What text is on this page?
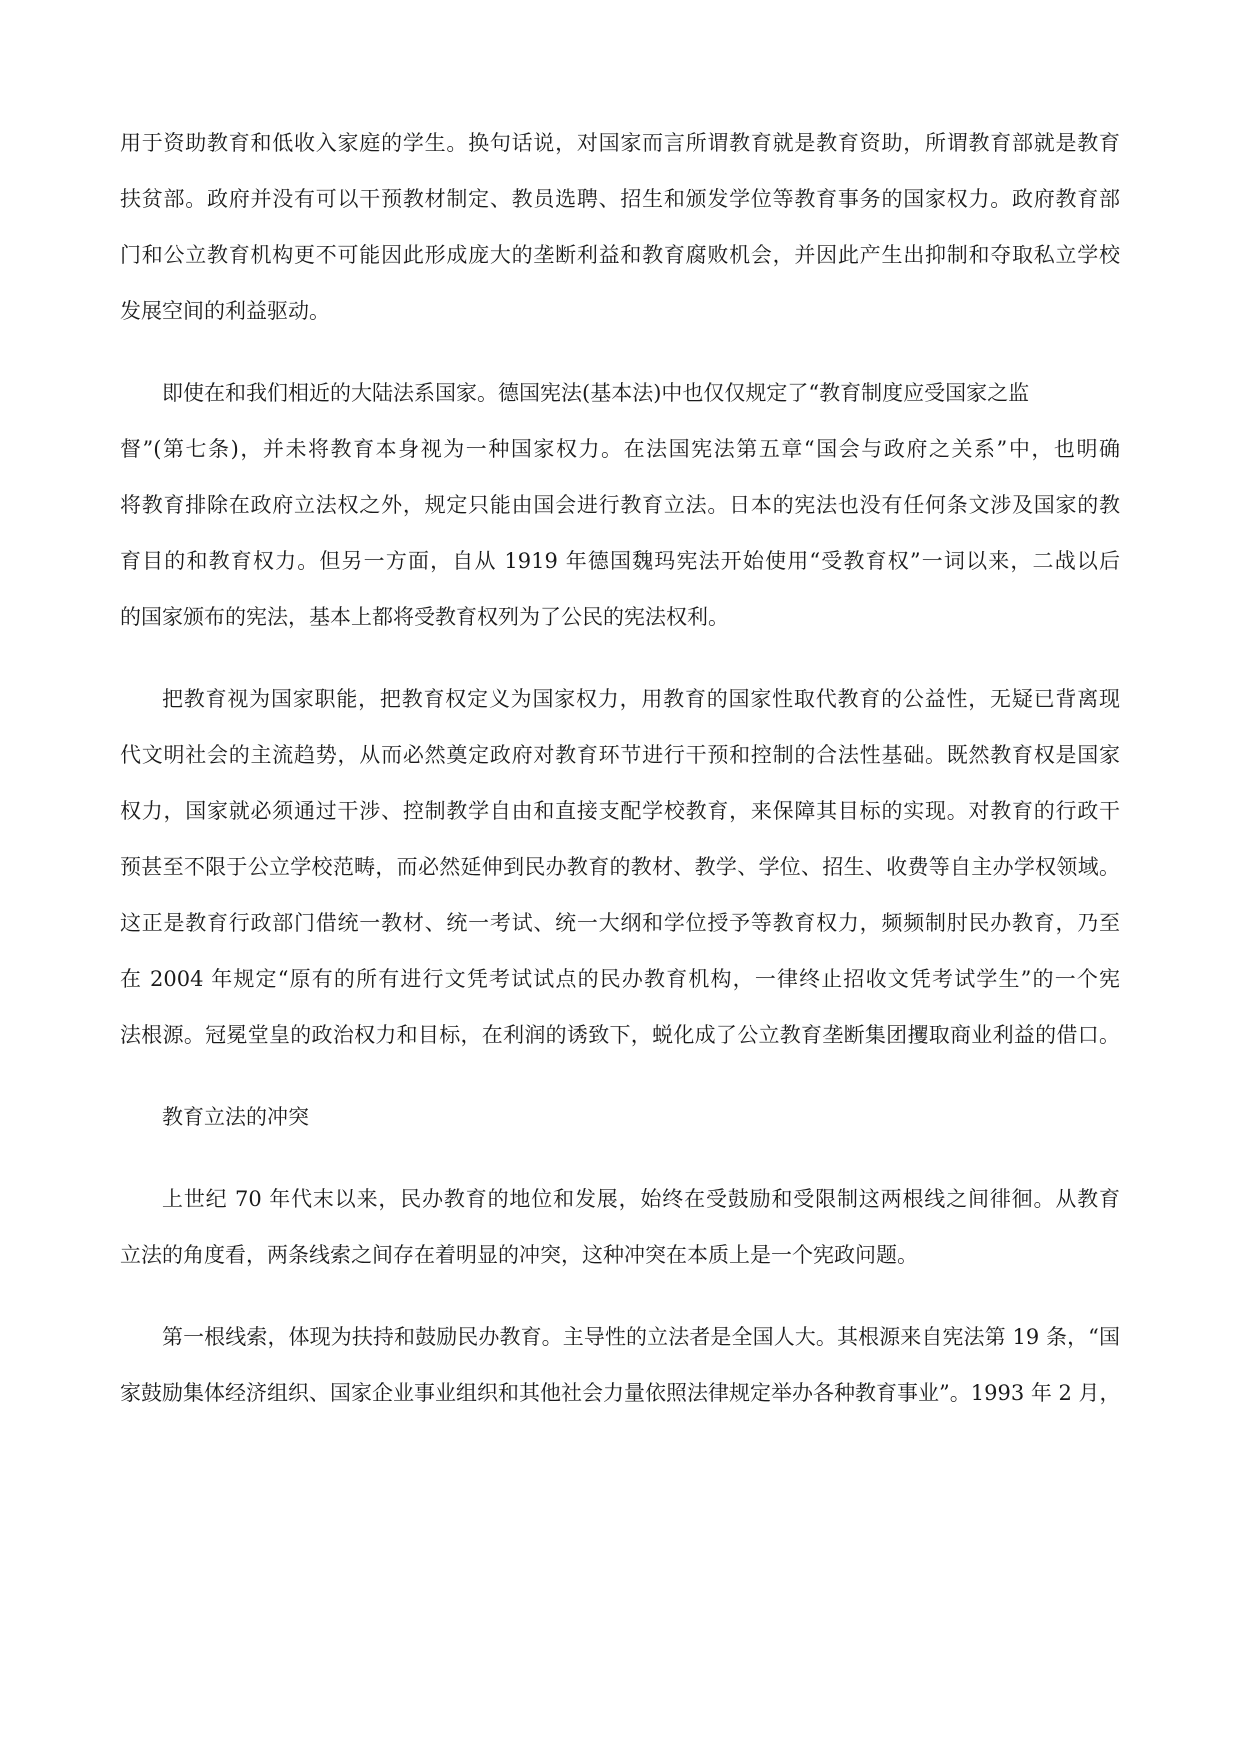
用于资助教育和低收入家庭的学生。换句话说，对国家而言所谓教育就是教育资助，所谓教育部就是教育

扶贫部。政府并没有可以干预教材制定、教员选聘、招生和颁发学位等教育事务的国家权力。政府教育部

门和公立教育机构更不可能因此形成庞大的垄断利益和教育腐败机会，并因此产生出抑制和夺取私立学校

发展空间的利益驱动。

即使在和我们相近的大陆法系国家。德国宪法(基本法)中也仅仅规定了“教育制度应受国家之监

督”(第七条)，并未将教育本身视为一种国家权力。在法国宪法第五章“国会与政府之关系”中，也明确

将教育排除在政府立法权之外，规定只能由国会进行教育立法。日本的宪法也没有任何条文涉及国家的教

育目的和教育权力。但另一方面，自从 1919 年德国魏玛宪法开始使用“受教育权”一词以来，二战以后

的国家颁布的宪法，基本上都将受教育权列为了公民的宪法权利。

把教育视为国家职能，把教育权定义为国家权力，用教育的国家性取代教育的公益性，无疑已背离现

代文明社会的主流趋势，从而必然奠定政府对教育环节进行干预和控制的合法性基础。既然教育权是国家

权力，国家就必须通过干涉、控制教学自由和直接支配学校教育，来保障其目标的实现。对教育的行政干

预甚至不限于公立学校范畴，而必然延伸到民办教育的教材、教学、学位、招生、收费等自主办学权领域。

这正是教育行政部门借统一教材、统一考试、统一大纲和学位授予等教育权力，频频制肘民办教育，乃至

在 2004 年规定“原有的所有进行文凭考试试点的民办教育机构，一律终止招收文凭考试学生”的一个宪

法根源。冠冕堂皇的政治权力和目标，在利润的诱致下，蜕化成了公立教育垄断集团攫取商业利益的借口。

教育立法的冲突

上世纪 70 年代末以来，民办教育的地位和发展，始终在受鼓励和受限制这两根线之间徘徊。从教育

立法的角度看，两条线索之间存在着明显的冲突，这种冲突在本质上是一个宪政问题。

第一根线索，体现为扶持和鼓励民办教育。主导性的立法者是全国人大。其根源来自宪法第 19 条，“国

家鼓励集体经济组织、国家企业事业组织和其他社会力量依照法律规定举办各种教育事业”。1993 年 2 月，
